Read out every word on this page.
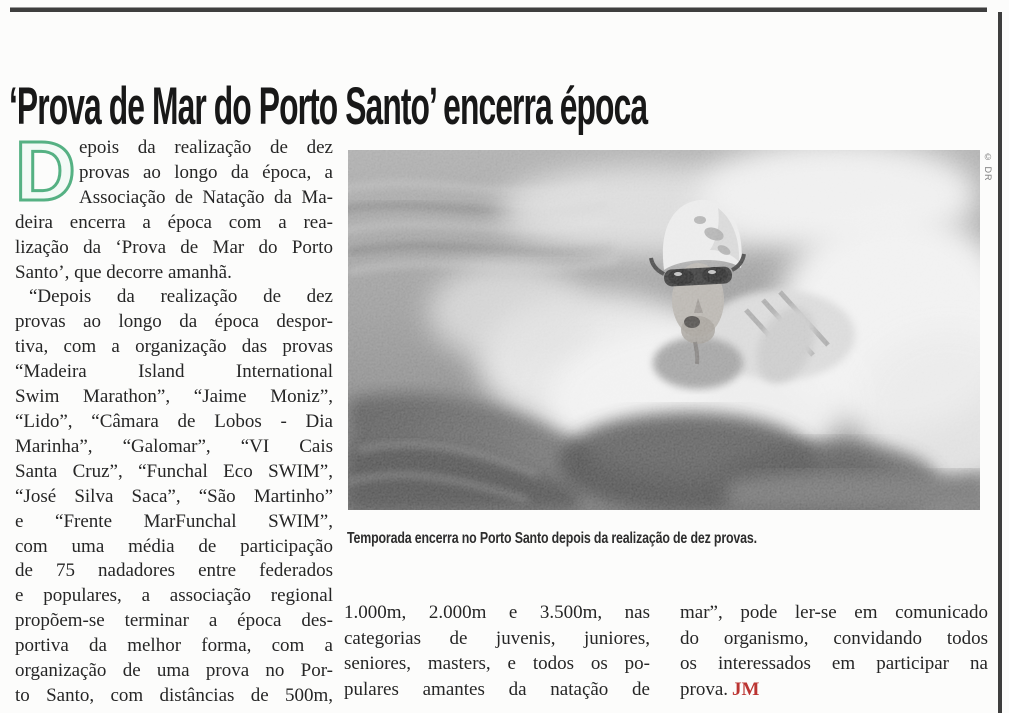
‘Prova de Mar do Porto Santo’ encerra época
D epois da realização de dez
provas ao longo da época, a
Associação de Natação da Ma-
deira encerra a época com a rea-
lização da ‘Prova de Mar do Porto
Santo’, que decorre amanhã.
“Depois da realização de dez
provas ao longo da época despor-
tiva, com a organização das provas
“Madeira Island International
Swim Marathon”, “Jaime Moniz”,
“Lido”, “Câmara de Lobos - Dia
Marinha”, “Galomar”, “VI Cais
Santa Cruz”, “Funchal Eco SWIM”,
“José Silva Saca”, “São Martinho”
e “Frente MarFunchal SWIM”,
com uma média de participação
de 75 nadadores entre federados
e populares, a associação regional
propõem-se terminar a época des-
portiva da melhor forma, com a
organização de uma prova no Por-
to Santo, com distâncias de 500m,
© DR
Temporada encerra no Porto Santo depois da realização de dez provas.
1.000m, 2.000m e 3.500m, nas
categorias de juvenis, juniores,
seniores, masters, e todos os po-
pulares amantes da natação de
mar”, pode ler-se em comunicado
do organismo, convidando todos
os interessados em participar na
prova. JM
